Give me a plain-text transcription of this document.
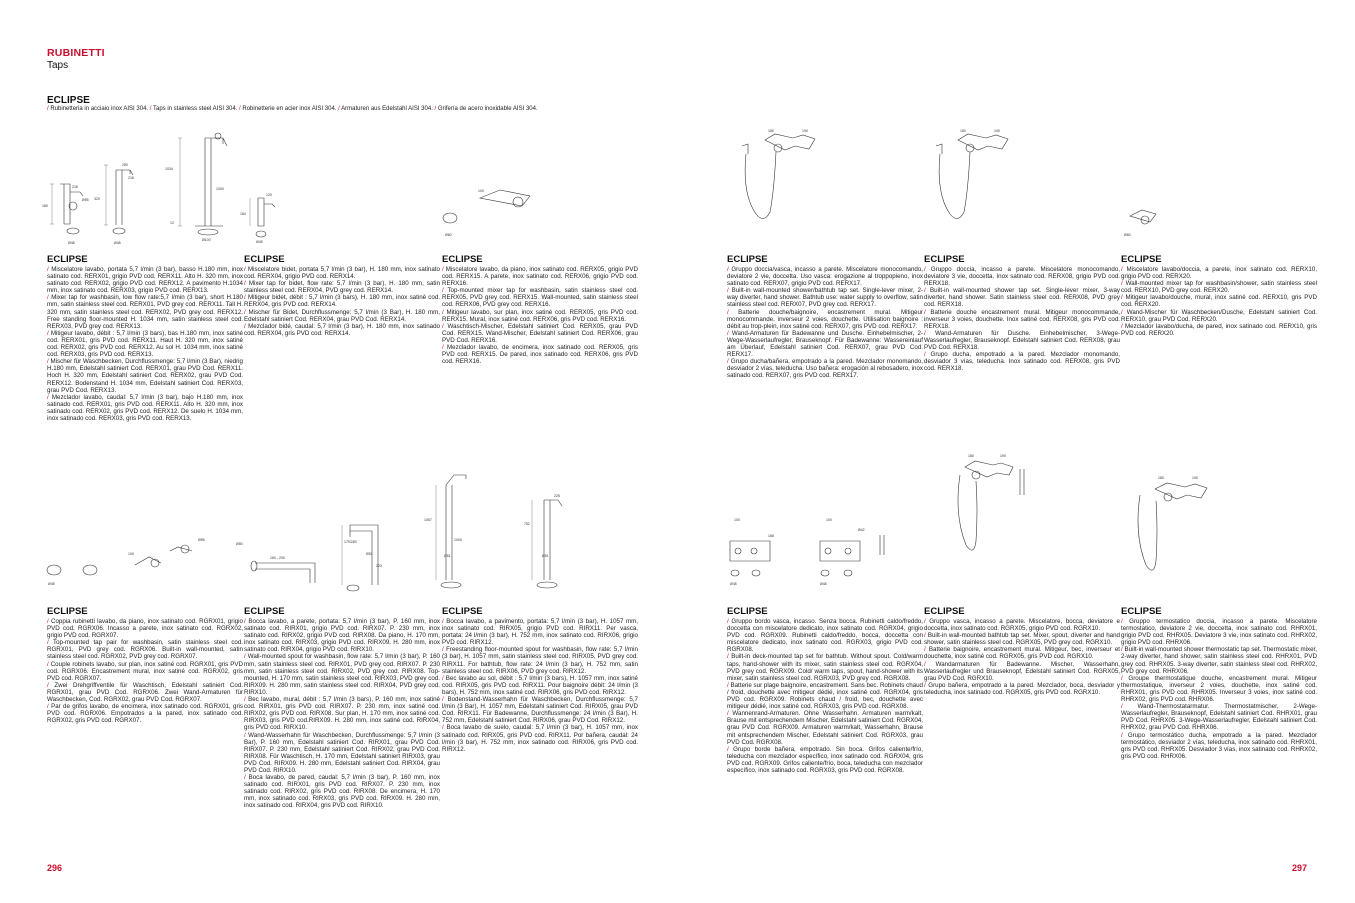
RUBINETTI
Taps
ECLIPSE
/ Rubinetteria in acciaio inox AISI 304. / Taps in stainless steel AISI 304. / Robinetterie en acier inox AISI 304. / Armaturen aus Edelstahl AISI 304. / Grifería de acero inoxidable AISI 304.
180
218
Ø48
Ø55 320
280
218
Ø48
1034
1000
Ø100
12
120
184
Ø45
100
Ø60
180	190	180	190
Ø60
ECLIPSE

/ Miscelatore lavabo, portata 5,7 l/min (3 bar), basso H.180 mm, inox satinato cod. RERX01, grigio PVD cod. RERX11. Alto H. 320 mm, inox satinato cod. RERX02, grigio PVD cod. RERX12. A pavimento H.1034 mm, inox satinato cod. RERX03, grigio PVD cod. RERX13.

/ Mixer tap for washbasin, low flow rate:5,7 l/min (3 bar), short H.180 mm, satin stainless steel cod. RERX01, PVD grey cod. RERX11. Tall H. 320 mm, satin stainless steel cod. RERX02, PVD grey cod. RERX12. Free standing floor-mounted H. 1034 mm, satin stainless steel cod. RERX03, PVD grey cod. RERX13.

/ Mitigeur lavabo, débit : 5,7 l/min (3 bars), bas H.180 mm, inox satiné cod. RERX01, gris PVD cod. RERX11. Haut H. 320 mm, inox satiné cod. RERX02, gris PVD cod. RERX12. Au sol H. 1034 mm, inox satiné cod. RERX03, gris PVD cod. RERX13.

/ Mischer für Waschbecken, Durchflussmenge: 5,7 l/min (3 Bar), niedrig H.180 mm, Edelstahl satiniert Cod. RERX01, grau PVD Cod. RERX11. Hoch H. 320 mm, Edelstahl satiniert Cod. RERX02, grau PVD Cod. RERX12. Bodenstand H. 1034 mm, Edelstahl satiniert Cod. RERX03, grau PVD Cod. RERX13.

/ Mezclador lavabo, caudal: 5,7 l/min (3 bar), bajo H.180 mm, inox satinado cod. RERX01, gris PVD cod. RERX11. Alto H. 320 mm, inox satinado cod. RERX02, gris PVD cod. RERX12. De suelo H. 1034 mm, inox satinado cod. RERX03, gris PVD cod. RERX13.

ECLIPSE

/ Miscelatore bidet, portata 5,7 l/min (3 bar), H. 180 mm, inox satinato cod. RERX04, grigio PVD cod. RERX14.

/ Mixer tap for bidet, flow rate: 5,7 l/min (3 bar), H. 180 mm, satin stainless steel cod. RERX04, PVD grey cod. RERX14.

/ Mitigeur bidet, débit : 5,7 l/min (3 bars), H. 180 mm, inox satiné cod. RERX04, gris PVD cod. RERX14.

/ Mischer für Bidet, Durchflussmenge: 5,7 l/min (3 Bar), H. 180 mm, Edelstahl satiniert Cod. RERX04, grau PVD Cod. RERX14.

/ Mezclador bidé, caudal: 5,7 l/min (3 bar), H. 180 mm, inox satinado cod. RERX04, gris PVD cod. RERX14.

ECLIPSE

/ Miscelatore lavabo, da piano, inox satinato cod. RERX05, grigio PVD cod. RERX15. A parete, inox satinato cod. RERX06, grigio PVD cod. RERX16.

/ Top-mounted mixer tap for washbasin, satin stainless steel cod. RERX05, PVD grey cod. RERX15. Wall-mounted, satin stainless steel cod. RERX06, PVD grey cod. RERX16.

/ Mitigeur lavabo, sur plan, inox satiné cod. RERX05, gris PVD cod. RERX15. Mural, inox satiné cod. RERX06, gris PVD cod. RERX16.

/ Waschtisch-Mischer, Edelstahl satiniert Cod. RERX05, grau PVD Cod. RERX15. Wand-Mischer, Edelstahl satiniert Cod. RERX06, grau PVD Cod. RERX16.

/ Mezclador lavabo, de encimera, inox satinado cod. RERX05, gris PVD cod. RERX15. De pared, inox satinado cod. RERX06, gris PVD cod. RERX16.

ECLIPSE

/ Gruppo doccia/vasca, incasso a parete. Miscelatore monocomando, deviatore 2 vie, doccetta. Uso vasca: erogazione al troppopieno, inox satinato cod. RERX07, grigio PVD cod. RERX17.

/ Built-in wall-mounted shower/bathtub tap set. Single-lever mixer, 2-way diverter, hand shower. Bathtub use: water supply to overflow, satin stainless steel cod. RERX07, PVD grey cod. RERX17.

/ Batterie douche/baignoire, encastrement mural. Mitigeur monocommande, inverseur 2 voies, douchette. Utilisation baignoire : débit au trop-plein, inox satiné cod. RERX07, gris PVD cod. RERX17.

/ Wand-Armaturen für Badewanne und Dusche. Einhebelmischer, 2-Wege-Wasserlaufregler, Brauseknopf. Für Badewanne: Wassereinlauf am Überlauf, Edelstahl satiniert Cod. RERX07, grau PVD Cod. RERX17.

/ Grupo ducha/bañera, empotrado a la pared. Mezclador monomando, desviador 2 vías, teleducha. Uso bañera: erogación al rebosadero, inox satinado cod. RERX07, gris PVD cod. RERX17.

ECLIPSE

/ Gruppo doccia, incasso a parete. Miscelatore monocomando, deviatore 3 vie, doccetta. Inox satinato cod. RERX08, grigio PVD cod. RERX18.

/ Built-in wall-mounted shower tap set. Single-lever mixer, 3-way diverter, hand shower. Satin stainless steel cod. RERX08, PVD grey cod. RERX18.

/ Batterie douche encastrement mural. Mitigeur monocommande, inverseur 3 voies, douchette. Inox satiné cod. RERX08, gris PVD cod. RERX18.

/ Wand-Armaturen für Dusche. Einhebelmischer, 3-Wege-Wasserlaufregler, Brauseknopf. Edelstahl satiniert Cod. RERX08, grau PVD Cod. RERX18.

/ Grupo ducha, empotrado a la pared. Mezclador monomando, desviador 3 vías, teleducha. Inox satinado cod. RERX08, gris PVD cod. RERX18.

ECLIPSE

/ Miscelatore lavabo/doccia, a parete, inox satinato cod. RERX10, grigio PVD cod. RERX20.

/ Wall-mounted mixer tap for washbasin/shower, satin stainless steel cod. RERX10, PVD grey cod. RERX20.

/ Mitigeur lavabo/douche, mural, inox satiné cod. RERX10, gris PVD cod. RERX20.

/ Wand-Mischer für Waschbecken/Dusche, Edelstahl satiniert Cod. RERX10, grau PVD Cod. RERX20.

/ Mezclador lavabo/ducha, de pared, inox satinado cod. RERX10, gris PVD cod. RERX20.

100
Ø55
Ø48
160 - 230
Ø50	170/280
Ø51
223
1057
1000
Ø51
752
225
Ø51
100
168
Ø48
100
Ø42
Ø48
180	190
180	190
ECLIPSE

/ Coppia rubinetti lavabo, da piano, inox satinato cod. RGRX01, grigio PVD cod. RGRX06. Incasso a parete, inox satinato cod. RGRX02, grigio PVD cod. RGRX07.

/ Top-mounted tap pair for washbasin, satin stainless steel cod. RGRX01, PVD grey cod. RGRX06. Built-in wall-mounted, satin stainless steel cod. RGRX02, PVD grey cod. RGRX07.

/ Couple robinets lavabo, sur plan, inox satiné cod. RGRX01, gris PVD cod. RGRX06. Encastrement mural, inox satiné cod. RGRX02, gris PVD cod. RGRX07.

/ Zwei Drehgriffventile für Waschtisch, Edelstahl satiniert Cod. RGRX01, grau PVD Cod. RGRX06. Zwei Wand-Armaturen für Waschbecken, Cod. RGRX02, grau PVD Cod. RGRX07.

/ Par de grifos lavabo, de encimera, inox satinado cod. RGRX01, gris PVD cod. RGRX06. Empotrados a la pared, inox satinado cod. RGRX02, gris PVD cod. RGRX07.

ECLIPSE

/ Bocca lavabo, a parete, portata: 5,7 l/min (3 bar), P. 160 mm, inox satinato cod. RIRX01, grigio PVD cod. RIRX07. P. 230 mm, inox satinato cod. RIRX02, grigio PVD cod. RIRX08. Da piano, H. 170 mm, inox satinato cod. RIRX03, grigio PVD cod. RIRX09. H. 280 mm, inox satinato cod. RIRX04, grigio PVD cod. RIRX10.

/ Wall-mounted spout for washbasin, flow rate: 5,7 l/min (3 bar), P. 160 mm, satin stainless steel cod. RIRX01, PVD grey cod. RIRX07. P. 230 mm, satin stainless steel cod. RIRX02, PVD grey cod. RIRX08. Top-mounted, H. 170 mm, satin stainless steel cod. RIRX03, PVD grey cod. RIRX09. H. 280 mm, satin stainless steel cod. RIRX04, PVD grey cod. RIRX10.

/ Bec lavabo, mural, débit : 5,7 l/min (3 bars), P. 160 mm, inox satiné cod. RIRX01, gris PVD cod. RIRX07. P. 230 mm, inox satiné cod. RIRX02, gris PVD cod. RIRX08. Sur plan, H. 170 mm, inox satiné cod. RIRX03, gris PVD cod.RIRX09. H. 280 mm, inox satiné cod. RIRX04, gris PVD cod. RIRX10.

/ Wand-Wasserhahn für Waschbecken, Durchflussmenge: 5,7 l/min (3 Bar), P. 160 mm, Edelstahl satiniert Cod. RIRX01, grau PVD Cod. RIRX07. P. 230 mm, Edelstahl satiniert Cod. RIRX02, grau PVD Cod. RIRX08. Für Waschtisch, H. 170 mm, Edelstahl satiniert RIRX03, grau PVD Cod. RIRX09. H. 280 mm, Edelstahl satiniert Cod. RIRX04, grau PVD Cod. RIRX10.

/ Boca lavabo, de pared, caudal: 5,7 l/min (3 bar), P. 160 mm, inox satinado cod. RIRX01, gris PVD cod. RIRX07. P. 230 mm, inox satinado cod. RIRX02, gris PVD cod. RIRX08. De encimera, H. 170 mm, inox satinado cod. RIRX03, gris PVD cod. RIRX09. H. 280 mm, inox satinado cod. RIRX04, gris PVD cod. RIRX10.

ECLIPSE

/ Bocca lavabo, a pavimento, portata: 5,7 l/min (3 bar), H. 1057 mm, inox satinato cod. RIRX05, grigio PVD cod. RIRX11. Per vasca, portata: 24 l/min (3 bar), H. 752 mm, inox satinato cod. RIRX06, grigio PVD cod. RIRX12.

/ Freestanding floor-mounted spout for washbasin, flow rate: 5,7 l/min (3 bar), H. 1057 mm, satin stainless steel cod. RIRX05, PVD grey cod. RIRX11. For bathtub, flow rate: 24 l/min (3 bar), H. 752 mm, satin stainless steel cod. RIRX06, PVD grey cod. RIRX12.

/ Bec lavabo au sol, débit : 5,7 l/min (3 bars), H. 1057 mm, inox satiné cod. RIRX05, gris PVD cod. RIRX11. Pour baignoire débit: 24 l/min (3 bars), H. 752 mm, inox satiné cod. RIRX06, gris PVD cod. RIRX12.

/ Bodenstand-Wasserhahn für Waschbecken, Durchflussmenge: 5,7 l/min (3 Bar), H. 1057 mm, Edelstahl satiniert Cod. RIRX05, grau PVD Cod. RIRX11. Für Badewanne, Durchflussmenge: 24 l/min (3 Bar), H. 752 mm, Edelstahl satiniert Cod. RIRX06, grau PVD Cod. RIRX12.

/ Boca lavabo de suelo, caudal: 5,7 l/min (3 bar), H. 1057 mm, inox satinado cod. RIRX05, gris PVD cod. RIRX11. Por bañera, caudal: 24 l/min (3 bar), H. 752 mm, inox satinado cod. RIRX06, gris PVD cod. RIRX12.

ECLIPSE

/ Gruppo bordo vasca, incasso. Senza bocca. Rubinetti caldo/freddo, doccetta con miscelatore dedicato, inox satinato cod. RGRX04, grigio PVD cod. RGRX09. Rubinetti caldo/freddo, bocca, doccetta con miscelatore dedicato, inox satinato cod. RGRX03, grigio PVD cod. RGRX08.

/ Built-in deck-mounted tap set for bathtub. Without spout. Cold/warm taps, hand-shower with its mixer, satin stainless steel cod. RGRX04, PVD grey cod. RGRX09. Cold/ warm taps, spout, hand-shower with its mixer, satin stainless steel cod. RGRX03, PVD grey cod. RGRX08.

/ Batterie sur plage baignoire, encastrement. Sans bec. Robinets chaud / froid, douchette avec mitigeur dédié, inox satiné cod. RGRX04, gris PVD cod. RGRX09. Robinets chaud / froid, bec, douchette avec mitigeur dédié, inox satiné cod. RGRX03, gris PVD cod. RGRX08.

/ Wannenrand-Armaturen. Ohne Wasserhahn. Armaturen warm/kalt, Brause mit entsprechendem Mischer, Edelstahl satiniert Cod. RGRX04, grau PVD Cod. RGRX09. Armaturen warm/kalt, Wasserhahn, Brause mit entsprechendem Mischer, Edelstahl satiniert Cod. RGRX03, grau PVD Cod. RGRX08.

/ Grupo borde bañera, empotrado. Sin boca. Grifos caliente/frío, teleducha con mezclador específico, inox satinado cod. RGRX04, gris PVD cod. RGRX09. Grifos caliente/frío, boca, teleducha con mezclador específico, inox satinado cod. RGRX03, gris PVD cod. RGRX08.

ECLIPSE

/ Gruppo vasca, incasso a parete. Miscelatore, bocca, deviatore e doccetta, inox satinato cod. RGRX05, grigio PVD cod. RGRX10.

/ Built-in wall-mounted bathtub tap set. Mixer, spout, diverter and hand shower, satin stainless steel cod. RGRX05, PVD grey cod. RGRX10.

/ Batterie baignoire, encastrement mural. Mitigeur, bec, inverseur et douchette, inox satiné cod. RGRX05, gris PVD cod. RGRX10.

/ Wandarmaturen für Badewanne. Mischer, Wasserhahn, Wasserlaufregler und Brauseknopf, Edelstahl satiniert Cod. RGRX05, grau PVD Cod. RGRX10.

/ Grupo bañera, empotrado a la pared. Mezclador, boca, desviador y teleducha, inox satinado cod. RGRX05, gris PVD cod. RGRX10.

ECLIPSE

/ Gruppo termostatico doccia, incasso a parete. Miscelatore termostatico, deviatore 2 vie, doccetta, inox satinato cod. RHRX01, grigio PVD cod. RHRX05. Deviatore 3 vie, inox satinato cod. RHRX02, grigio PVD cod. RHRX06.

/ Built-in wall-mounted shower thermostatic tap set. Thermostatic mixer, 2-way diverter, hand shower, satin stainless steel cod. RHRX01, PVD grey cod. RHRX05. 3-way diverter, satin stainless steel cod. RHRX02, PVD grey cod. RHRX06.

/ Groupe thermostatique douche, encastrement mural. Mitigeur thermostatique, inverseur 2 voies, douchette, inox satiné cod. RHRX01, gris PVD cod. RHRX05. Inverseur 3 voies, inox satiné cod. RHRX02, gris PVD cod. RHRX06.

/ Wand-Thermostatarmatur. Thermostatmischer, 2-Wege-Wasserlaufregler, Brauseknopf, Edelstahl satiniert Cod. RHRX01, grau PVD Cod. RHRX05. 3-Wege-Wasserlaufregler, Edelstahl satiniert Cod. RHRX02, grau PVD Cod. RHRX06.

/ Grupo termostático ducha, empotrado a la pared. Mezclador termostático, desviador 2 vías, teleducha, inox satinado cod. RHRX01, gris PVD cod. RHRX05. Desviador 3 vías, inox satinado cod. RHRX02, gris PVD cod. RHRX06.

296	297
